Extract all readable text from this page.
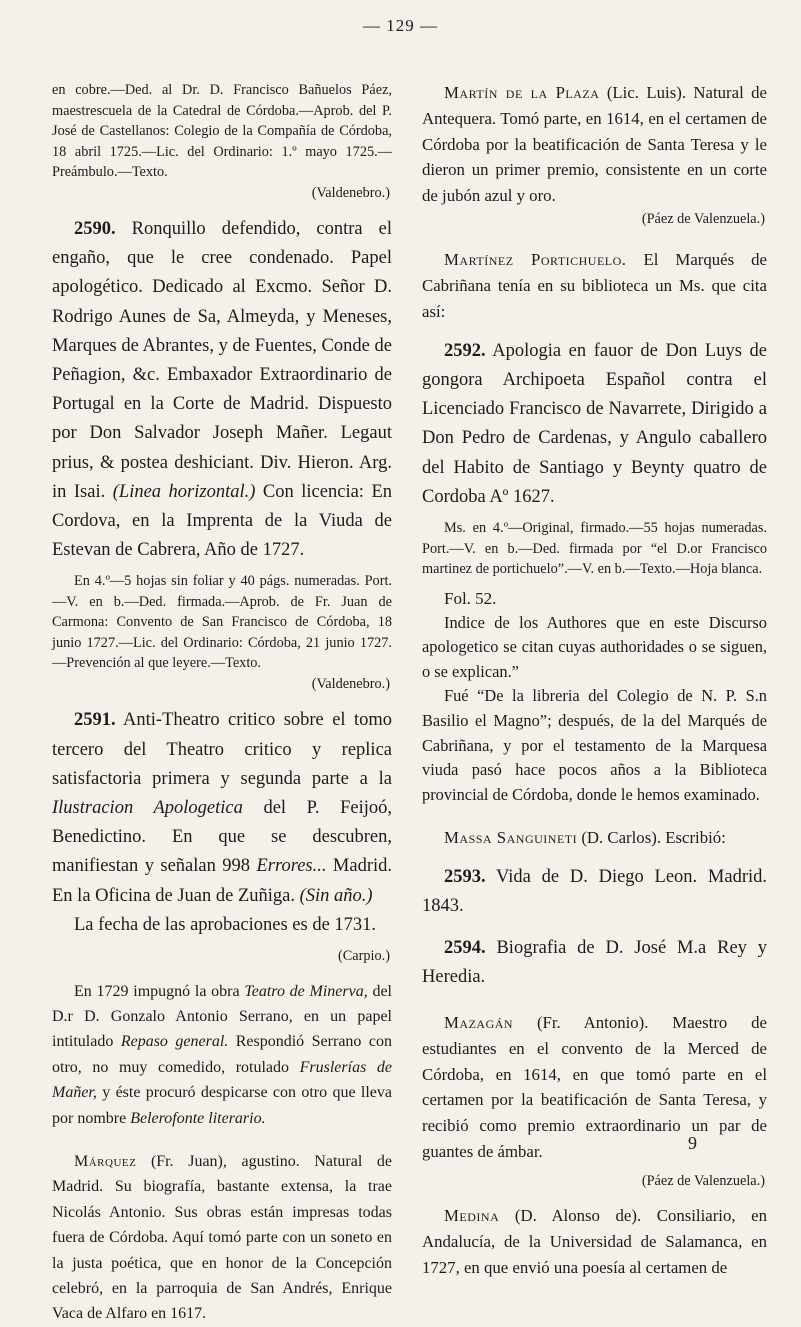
— 129 —

en cobre.—Ded. al Dr. D. Francisco Bañuelos Páez, maestrescuela de la Catedral de Córdoba.—Aprob. del P. José de Castellanos: Colegio de la Compañía de Córdoba, 18 abril 1725.—Lic. del Ordinario: 1.º mayo 1725.—Preámbulo.—Texto.

(Valdenebro.)

2590. Ronquillo defendido, contra el engaño, que le cree condenado. Papel apologético. Dedicado al Excmo. Señor D. Rodrigo Aunes de Sa, Almeyda, y Meneses, Marques de Abrantes, y de Fuentes, Conde de Peñagion, &c. Embaxador Extraordinario de Portugal en la Corte de Madrid. Dispuesto por Don Salvador Joseph Mañer. Legaut prius, & postea deshiciant. Div. Hieron. Arg. in Isai. (Linea horizontal.) Con licencia: En Cordova, en la Imprenta de la Viuda de Estevan de Cabrera, Año de 1727.

En 4.º—5 hojas sin foliar y 40 págs. numeradas. Port.—V. en b.—Ded. firmada.—Aprob. de Fr. Juan de Carmona: Convento de San Francisco de Córdoba, 18 junio 1727.—Lic. del Ordinario: Córdoba, 21 junio 1727.—Prevención al que leyere.—Texto.

(Valdenebro.)

2591. Anti-Theatro critico sobre el tomo tercero del Theatro critico y replica satisfactoria primera y segunda parte a la Ilustracion Apologetica del P. Feijoó, Benedictino. En que se descubren, manifiestan y señalan 998 Errores... Madrid. En la Oficina de Juan de Zuñiga. (Sin año.)

La fecha de las aprobaciones es de 1731.

(Carpio.)

En 1729 impugnó la obra Teatro de Minerva, del D.r D. Gonzalo Antonio Serrano, en un papel intitulado Repaso general. Respondió Serrano con otro, no muy comedido, rotulado Fruslerías de Mañer, y éste procuró despicarse con otro que lleva por nombre Belerofonte literario.

Márquez (Fr. Juan), agustino. Natural de Madrid. Su biografía, bastante extensa, la trae Nicolás Antonio. Sus obras están impresas todas fuera de Córdoba. Aquí tomó parte con un soneto en la justa poética, que en honor de la Concepción celebró, en la parroquia de San Andrés, Enrique Vaca de Alfaro en 1617.

Martín de la Plaza (Lic. Luis). Natural de Antequera. Tomó parte, en 1614, en el certamen de Córdoba por la beatificación de Santa Teresa y le dieron un primer premio, consistente en un corte de jubón azul y oro.

(Páez de Valenzuela.)

Martínez Portichuelo. El Marqués de Cabriñana tenía en su biblioteca un Ms. que cita así:

2592. Apologia en fauor de Don Luys de gongora Archipoeta Español contra el Licenciado Francisco de Navarrete, Dirigido a Don Pedro de Cardenas, y Angulo caballero del Habito de Santiago y Beynty quatro de Cordoba Aº 1627.

Ms. en 4.º—Original, firmado.—55 hojas numeradas. Port.—V. en b.—Ded. firmada por “el D.or Francisco martinez de portichuelo”.—V. en b.—Texto.—Hoja blanca.

Fol. 52.

Indice de los Authores que en este Discurso apologetico se citan cuyas authoridades o se siguen, o se explican.”

Fué “De la libreria del Colegio de N. P. S.n Basilio el Magno”; después, de la del Marqués de Cabriñana, y por el testamento de la Marquesa viuda pasó hace pocos años a la Biblioteca provincial de Córdoba, donde le hemos examinado.

Massa Sanguineti (D. Carlos). Escribió:

2593. Vida de D. Diego Leon. Madrid. 1843.

2594. Biografia de D. José M.a Rey y Heredia.

Mazagán (Fr. Antonio). Maestro de estudiantes en el convento de la Merced de Córdoba, en 1614, en que tomó parte en el certamen por la beatificación de Santa Teresa, y recibió como premio extraordinario un par de guantes de ámbar.

(Páez de Valenzuela.)

Medina (D. Alonso de). Consiliario, en Andalucía, de la Universidad de Salamanca, en 1727, en que envió una poesía al certamen de

9
